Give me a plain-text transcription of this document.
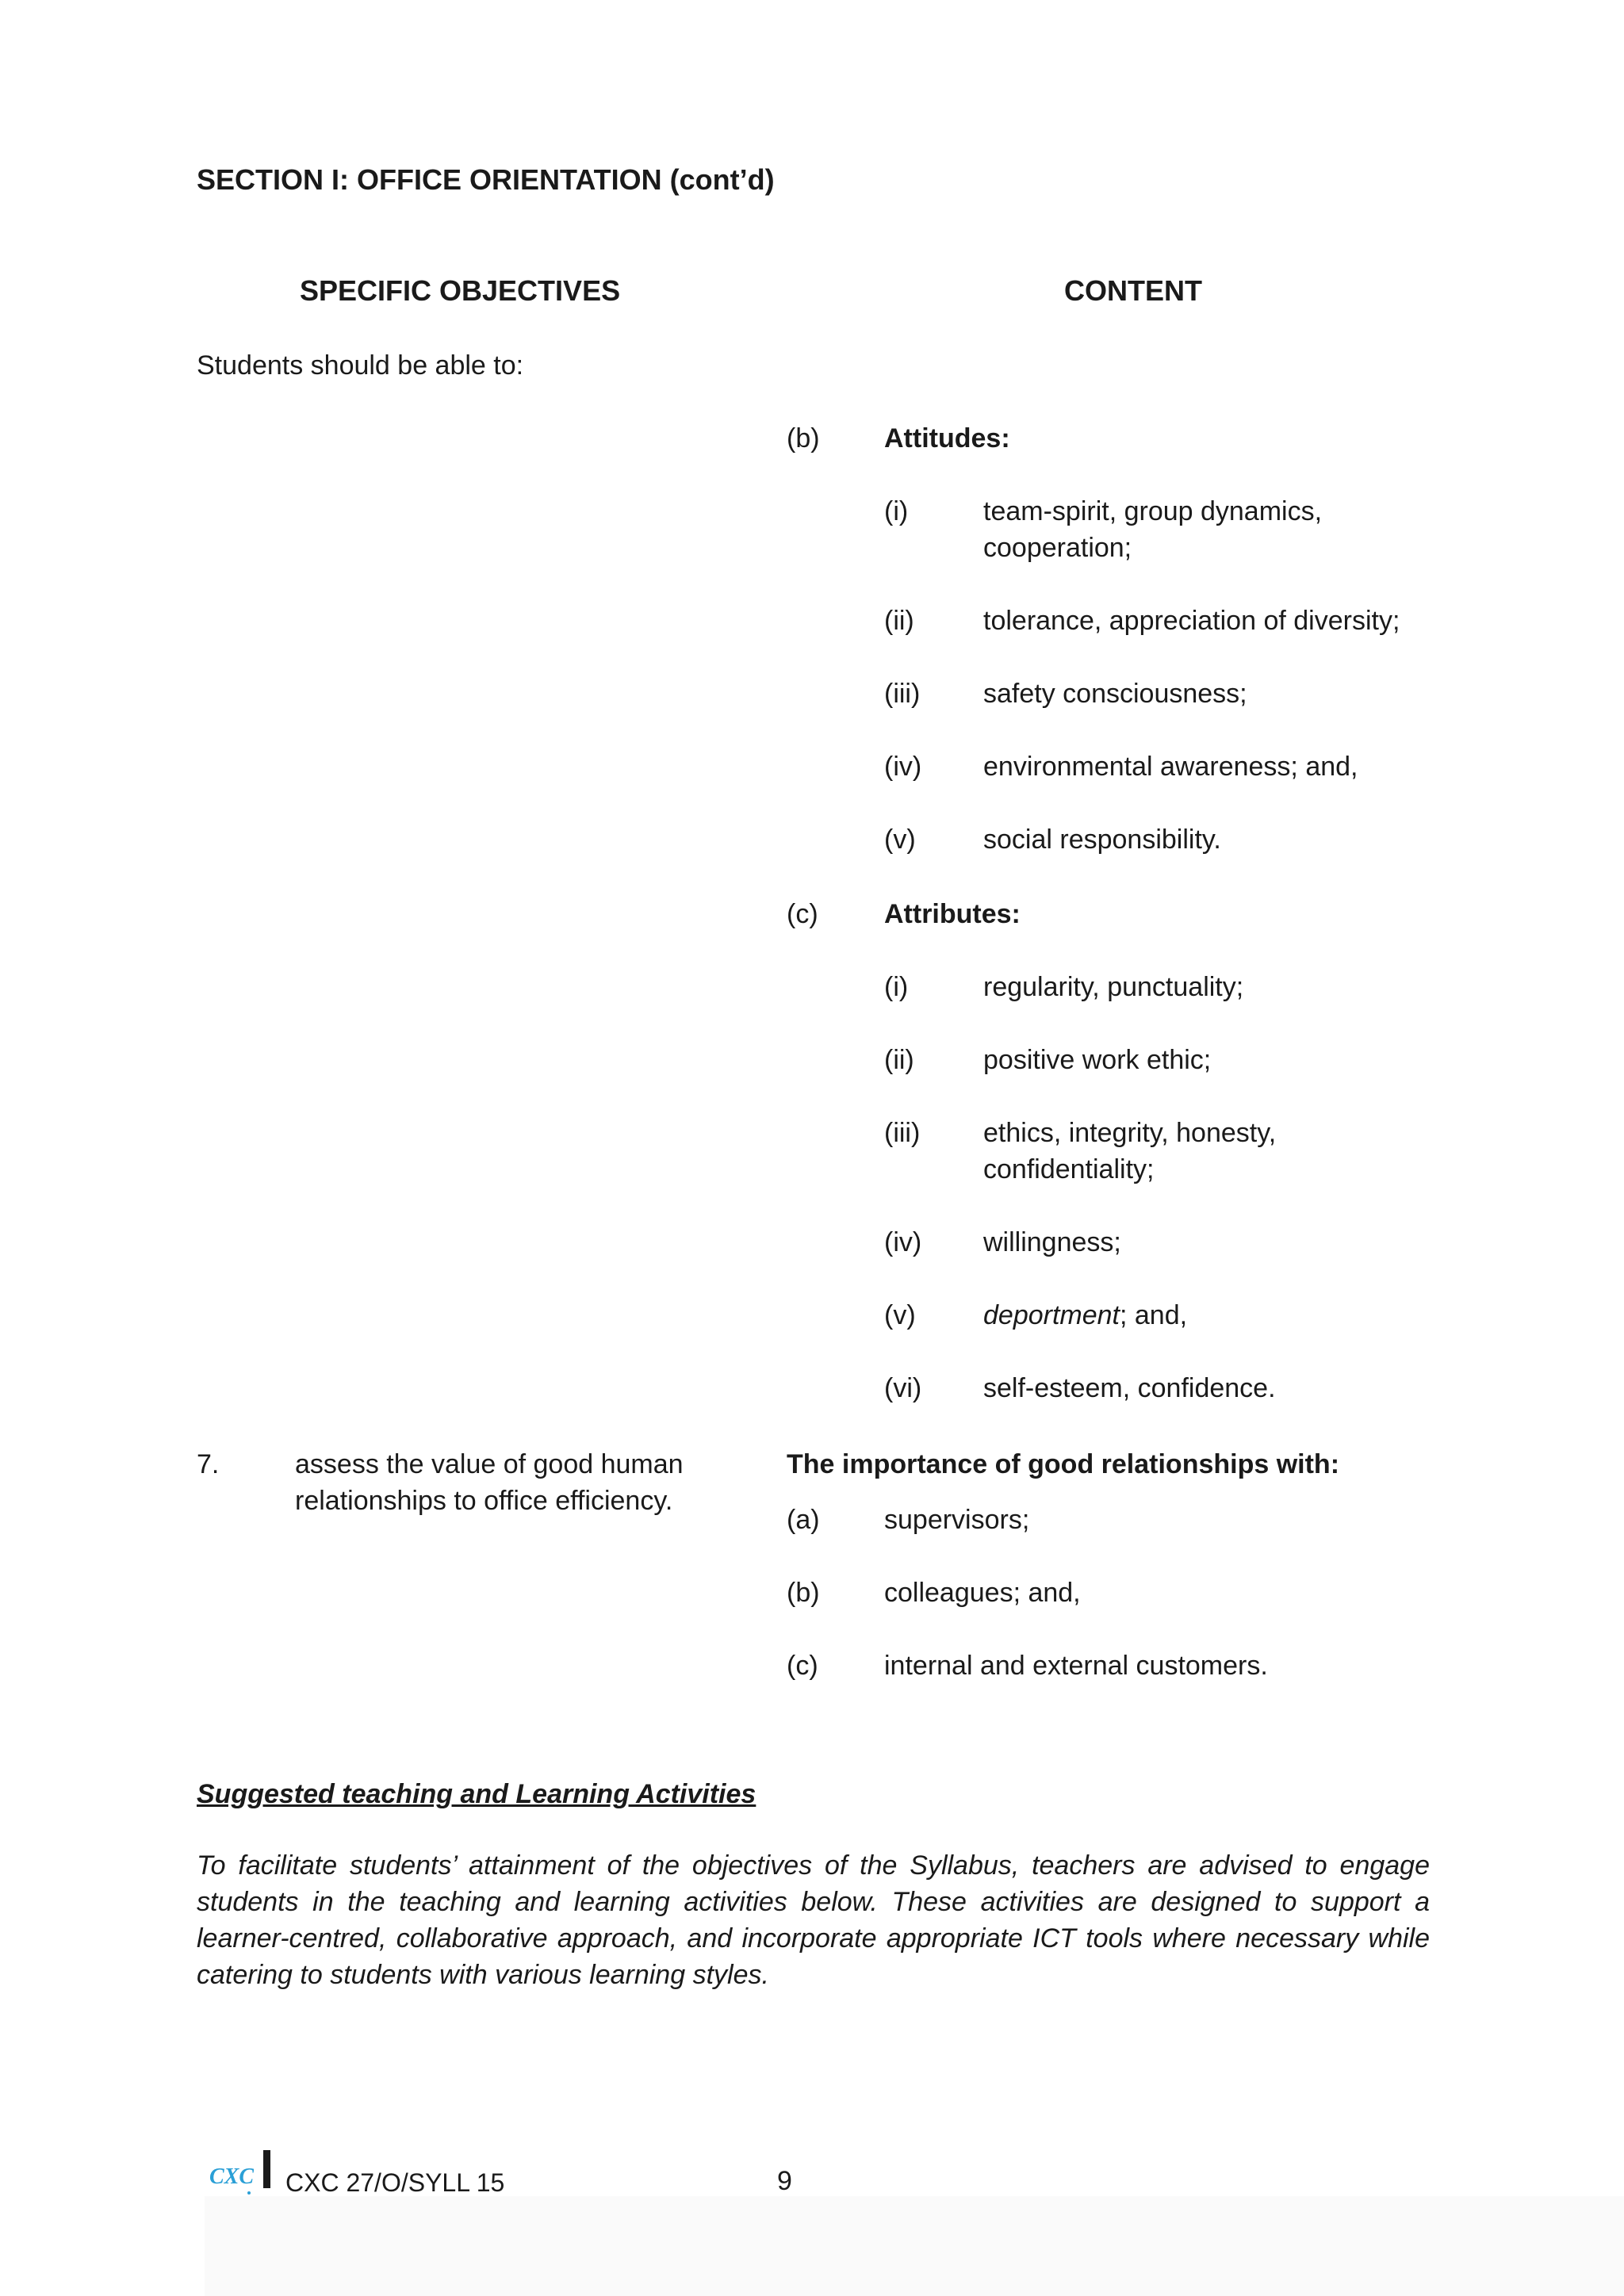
SECTION I: OFFICE ORIENTATION (cont’d)
SPECIFIC OBJECTIVES	CONTENT
Students should be able to:
(b) Attitudes:
(i)	team-spirit, group dynamics,
cooperation;
(ii)	tolerance, appreciation of diversity;
(iii) safety consciousness;
(iv) environmental awareness; and,
(v)	social responsibility.
(c) Attributes:
(i)	regularity, punctuality;
(ii)	positive work ethic;
(iii) ethics, integrity, honesty,
confidentiality;
(iv) willingness;
(v)	deportment; and,
(vi) self-esteem, confidence.
7.	assess the value of good human
relationships to office efficiency.
The importance of good relationships with:
(a) supervisors;
(b) colleagues; and,
(c) internal and external customers.
Suggested teaching and Learning Activities
To facilitate students’ attainment of the objectives of the Syllabus, teachers are advised to engage students in the teaching and learning activities below. These activities are designed to support a learner-centred, collaborative approach, and incorporate appropriate ICT tools where necessary while catering to students with various learning styles.
CXC CXC 27/O/SYLL 15	9
